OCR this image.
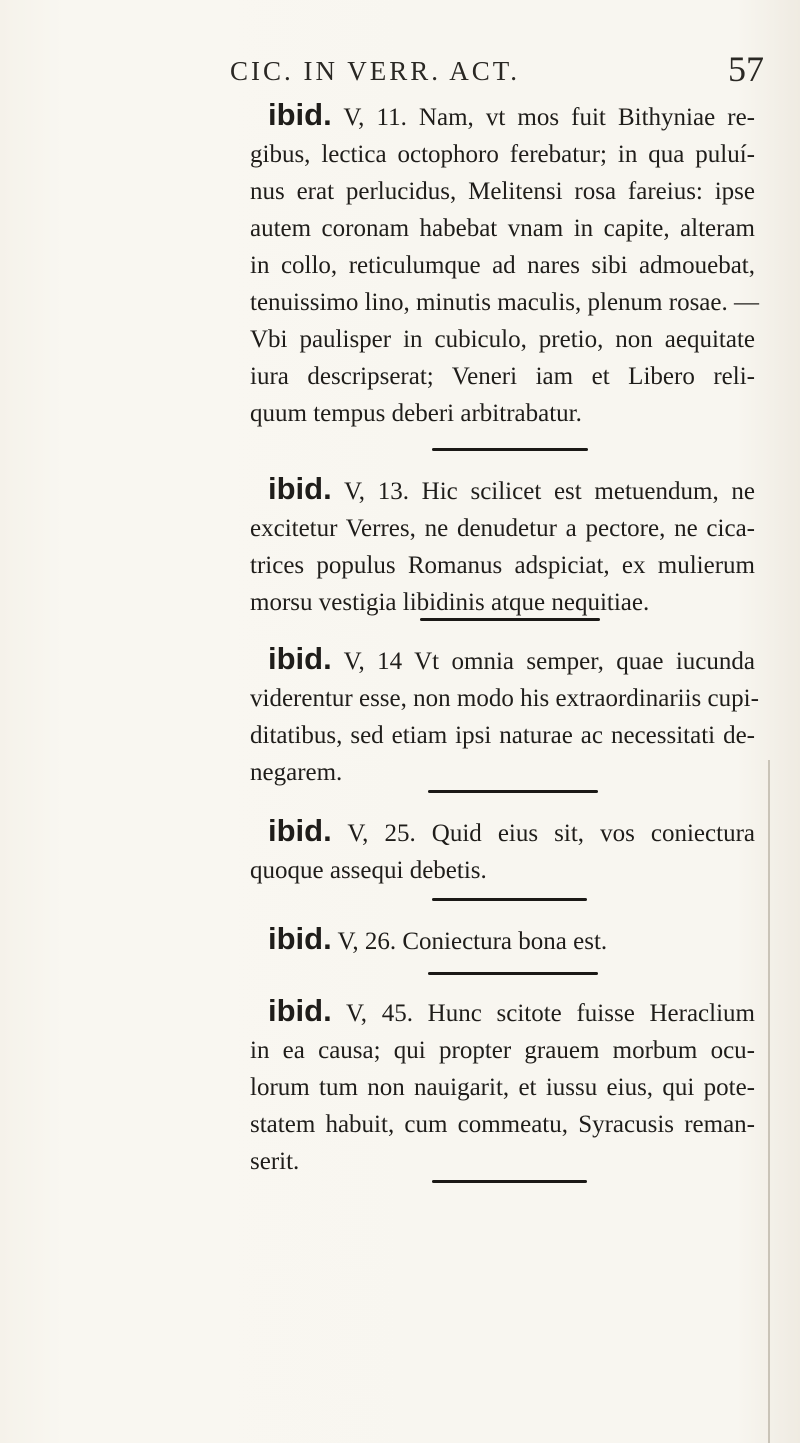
CIC. IN VERR. ACT.	57
ibid. V, 11. Nam, vt mos fuit Bithyniae re-
gibus, lectica octophoro ferebatur; in qua puluí-
nus erat perlucidus, Melitensi rosa fareius: ipse
autem coronam habebat vnam in capite, alteram
in collo, reticulumque ad nares sibi admouebat,
tenuissimo lino, minutis maculis, plenum rosae. —
Vbi paulisper in cubiculo, pretio, non aequitate
iura descripserat; Veneri iam et Libero reli-
quum tempus deberi arbitrabatur.
ibid. V, 13. Hic scilicet est metuendum, ne
excitetur Verres, ne denudetur a pectore, ne cica-
trices populus Romanus adspiciat, ex mulierum
morsu vestigia libidinis atque nequitiae.
ibid. V, 14 Vt omnia semper, quae iucunda
viderentur esse, non modo his extraordinariis cupi-
ditatibus, sed etiam ipsi naturae ac necessitati de-
negarem.
ibid. V, 25. Quid eius sit, vos coniectura
quoque assequi debetis.
ibid. V, 26. Coniectura bona est.
ibid. V, 45. Hunc scitote fuisse Heraclium
in ea causa; qui propter grauem morbum ocu-
lorum tum non nauigarit, et iussu eius, qui pote-
statem habuit, cum commeatu, Syracusis reman-
serit.
